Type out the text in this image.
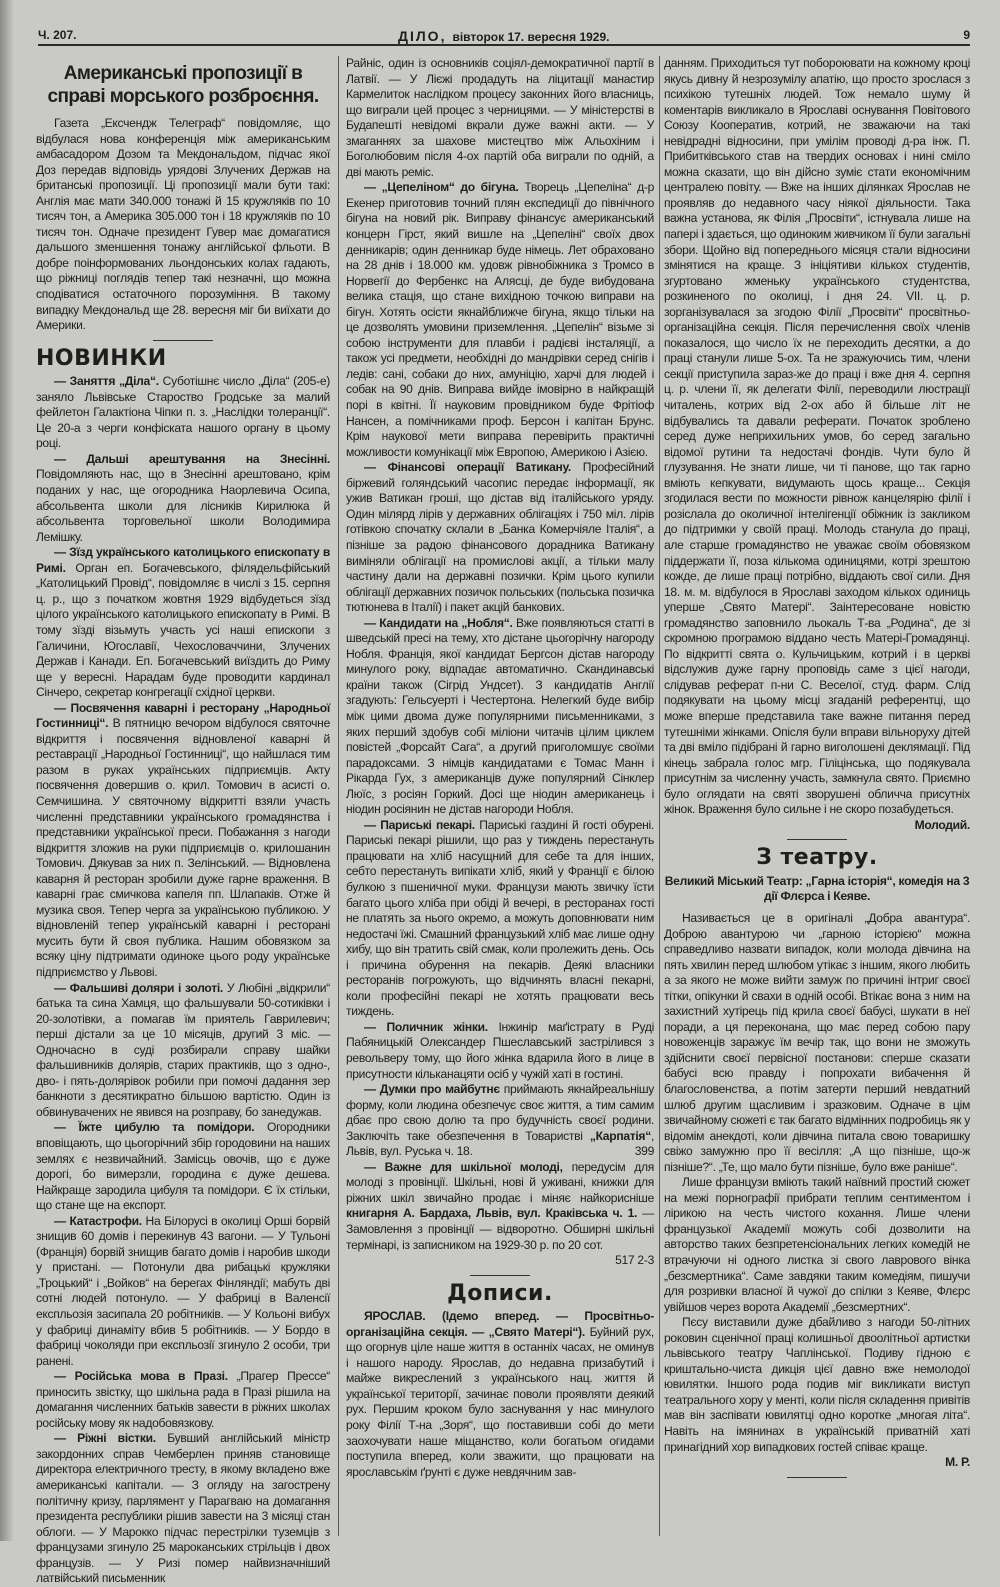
Ч. 207.	ДІЛО, вівторок 17. вересня 1929.	9
Американські пропозиції в справі морського розброєння.

Газета „Ексчендж Телеграф“ повідомляє, що відбулася нова конференція між американським амбасадором Дозом та Мекдональдом, підчас якої Доз передав відповідь урядові Злучених Держав на британські пропозиції. Ці пропозиції мали бути такі: Англія має мати 340.000 тонажі й 15 кружляків по 10 тисяч тон, а Америка 305.000 тон і 18 кружляків по 10 тисяч тон. Одначе президент Гувер має домагатися дальшого зменшення тонажу англійської фльоти. В добре поінформованих льондонських колах гадають, що ріжниці поглядів тепер такі незначні, що можна сподіватися остаточного порозуміння. В такому випадку Мекдональд ще 28. вересня міг би виїхати до Америки.

НОВИНКИ

— Заняття „Діла“. Суботішнє число „Діла“ (205-е) заняло Львівське Староство Гродське за малий фейлетон Галактіона Чіпки п. з. „Наслідки толеранції“. Це 20-а з черги конфіската нашого органу в цьому році.

— Дальші арештування на Знесінні. Повідомляють нас, що в Знесінні арештовано, крім поданих у нас, ще огородника Наорлевича Осипа, абсольвента школи для лісників Кирилюка й абсольвента торговельної школи Володимира Лемішку.

— Зїзд українського католицького епископату в Римі. Орган еп. Богачевського, філядельфійський „Католицький Провід“, повідомляє в числі з 15. серпня ц. р., що з початком жовтня 1929 відбудеться зїзд цілого українського католицького епископату в Римі. В тому зїзді візьмуть участь усі наші епископи з Галичини, Югославії, Чехословаччини, Злучених Держав і Канади. Еп. Богачевський виїздить до Риму ще у вересні. Нарадам буде проводити кардинал Сінчеро, секретар конгрегації східної церкви.

— Посвячення каварні і ресторану „Народньої Гостинниці“. В пятницю вечором відбулося святочне відкриття і посвячення відновленої каварні й реставрації „Народньої Гостинниці“, що найшлася тим разом в руках українських підприємців. Акту посвячення довершив о. крил. Томович в асисті о. Семчишина. У святочному відкритті взяли участь численні представники українського громадянства і представники української преси. Побажання з нагоди відкриття зложив на руки підприємців о. крилошанин Томович. Дякував за них п. Зелінський. — Відновлена каварня й ресторан зробили дуже гарне враження. В каварні грає смичкова капеля пп. Шлапаків. Отже й музика своя. Тепер черга за українською публикою. У відновленій тепер українській каварні і ресторані мусить бути й своя публика. Нашим обовязком за всяку ціну підтримати одиноке цього роду українське підприємство у Львові.

— Фальшиві доляри і золоті. У Любіні „відкрили“ батька та сина Хамця, що фальшували 50-сотиківки і 20-золотівки, а помагав їм приятель Гаврилевич; перші дістали за це 10 місяців, другий 3 міс. — Одночасно в суді розбирали справу шайки фальшивників долярів, старих практиків, що з одно-, дво- і пять-долярівок робили при помочі дадання зер банкноти з десятикратно більшою вартістю. Один із обвинувачених не явився на розправу, бо занедужав.

— Їжте цибулю та помідори. Огородники вповіщають, що цьогорічний збір городовини на наших землях є незвичайний. Замісць овочів, що є дуже дорогі, бо вимерзли, городина є дуже дешева. Найкраще зародила цибуля та помідори. Є їх стільки, що стане ще на експорт.

— Катастрофи. На Білорусі в околиці Орші борвій знищив 60 домів і перекинув 43 вагони. — У Тульоні (Франція) борвій знищив багато домів і наробив шкоди у пристані. — Потонули два рибацькі кружляки „Троцький“ і „Войков“ на берегах Фінляндії; мабуть дві сотні людей потонуло. — У фабриці в Валенсії експльозія засипала 20 робітників. — У Кольоні вибух у фабриці динаміту вбив 5 робітників. — У Бордо в фабриці чоколяди при експльозії згинуло 2 особи, три ранені.

— Російська мова в Празі. „Прагер Прессе“ приносить звістку, що шкільна рада в Празі рішила на домагання численних батьків завести в ріжних школах російську мову як надобовязкову.

— Ріжні вістки. Бувший англійський міністр закордонних справ Чемберлен приняв становище директора електричного тресту, в якому вкладено вже американські капітали. — З огляду на загострену політичну кризу, парлямент у Парагваю на домагання президента республики рішив завести на 3 місяці стан облоги. — У Марокко підчас перестрілки туземців з французами згинуло 25 мароканських стрільців і двох французів. — У Ризі помер найвизначніший латвійський письменник

Райніс, один із основників соціял-демократичної партії в Латвії. — У Лієжі продадуть на ліцитації манастир Кармелиток наслідком процесу законних його власниць, що виграли цей процес з черницями. — У міністерстві в Будапешті невідомі вкрали дуже важні акти. — У змаганнях за шахове мистецтво між Альохіним і Боголюбовим після 4-ох партій оба виграли по одній, а дві мають реміс.

— „Цепеліном“ до бігуна. Творець „Цепеліна“ д-р Екенер приготовив точний плян експедиції до північного бігуна на новий рік. Виправу фінансує американський концерн Гірст, який вишле на „Цепеліні“ своїх двох денникарів; один денникар буде німець. Лет обраховано на 28 днів і 18.000 км. удовж рівнобіжника з Тромсо в Норвегії до Фербенкс на Алясці, де буде вибудована велика стація, що стане вихідною точкою виправи на бігун. Хотять осісти якнайближче бігуна, якщо тільки на це дозволять умовини приземлення. „Цепелін“ візьме зі собою інструменти для плавби і радієві інсталяції, а також усі предмети, необхідні до мандрівки серед снігів і ледів: сані, собаки до них, амуніцію, харчі для людей і собак на 90 днів. Виправа вийде імовірно в найкращій порі в квітні. Її науковим провідником буде Фрітіоф Нансен, а помічниками проф. Берсон і капітан Брунс. Крім наукової мети виправа перевірить практичні можливости комунікації між Европою, Америкою і Азією.

— Фінансові операції Ватикану. Професійний біржевий голяндський часопис передає інформації, як ужив Ватикан гроші, що дістав від італійського уряду. Один мілярд лірів у державних облігаціях і 750 міл. лірів готівкою спочатку склали в „Банка Комерчіяле Італія“, а пізніше за радою фінансового дорадника Ватикану виміняли облігації на промислові акції, а тільки малу частину дали на державні позички. Крім цього купили облігації державних позичок польських (польська позичка тютюнева в Італії) і пакет акцій банкових.

— Кандидати на „Нобля“. Вже появляються статті в шведській пресі на тему, хто дістане цьогорічну нагороду Нобля. Франція, якої кандидат Бергсон дістав нагороду минулого року, відпадає автоматично. Скандинавські країни також (Сігрід Ундсет). З кандидатів Англії згадують: Гельсуерті і Честертона. Нелегкий буде вибір між цими двома дуже популярними письменниками, з яких перший здобув собі міліони читачів цілим циклем повістей „Форсайт Сага“, а другий приголомшує своїми парадоксами. З німців кандидатами є Томас Манн і Рікарда Гух, з американців дуже популярний Сінклер Люїс, з росіян Горкий. Досі ще ніодин американець і ніодин росіянин не дістав нагороди Нобля.

— Париські пекарі. Париські газдині й гості обурені. Париські пекарі рішили, що раз у тиждень перестануть працювати на хліб насущний для себе та для інших, себто перестануть випікати хліб, який у Франції є білою булкою з пшеничної муки. Французи мають звичку їсти багато цього хліба при обіді й вечері, в ресторанах гості не платять за нього окремо, а можуть доповнювати ним недостачі їжі. Смашний французький хліб має лише одну хибу, що він тратить свій смак, коли пролежить день. Ось і причина обурення на пекарів. Деякі власники ресторанів погрожують, що відчинять власні пекарні, коли професійні пекарі не хотять працювати весь тиждень.

— Поличник жінки. Інжинір маґістрату в Руді Пабяницькій Олександер Пшеславський застрілився з револьверу тому, що його жінка вдарила його в лице в присутности кільканацяти осіб у чужій хаті в гостині.

— Думки про майбутнє приймають якнайреальнішу форму, коли людина обезпечує своє життя, а тим самим дбає про свою долю та про будучність своєї родини. Заключіть таке обезпечення в Товаристві „Карпатія“, Львів, вул. Руська ч. 18.	399

— Важне для шкільної молоді, передусім для молоді з провінції. Шкільні, нові й уживані, книжки для ріжних шкіл звичайно продає і міняє найкорисніше книгарня А. Бардаха, Львів, вул. Краківська ч. 1. — Замовлення з провінції — відворотно. Обширні шкільні термінарі, із записником на 1929-30 р. по 20 сот.
517 2-3

Дописи.

ЯРОСЛАВ. (Ідемо вперед. — Просвітньо-організаційна секція. — „Свято Матері“). Буйний рух, що огорнув ціле наше життя в останніх часах, не оминув і нашого народу. Ярослав, до недавна призабутий і майже викреслений з українського нац. життя й української території, зачинає поволи проявляти деякий рух. Першим кроком було заснування у нас минулого року Філії Т-на „Зоря“, що поставивши собі до мети заохочувати наше міщанство, коли богатьом огидами поступила вперед, коли зважити, що працювати на ярославськім ґрунті є дуже невдячним зав-

данням. Приходиться тут побороювати на кожному кроці якусь дивну й незрозумілу апатію, що просто зрослася з психікою тутешніх людей. Тож немало шуму й коментарів викликало в Ярославі оснування Повітового Союзу Кооператив, котрий, не зважаючи на такі невідрадні відносини, при умілім проводі д-ра інж. П. Прибитківського став на твердих основах і нині сміло можна сказати, що він дійсно зуміє стати економічним централею повіту. — Вже на інших ділянках Ярослав не проявляв до недавного часу ніякої діяльности. Така важна установа, як Філія „Просвіти“, істнувала лише на папері і здається, що одиноким живчиком її були загальні збори. Щойно від попереднього місяця стали відносини змінятися на краще. З ініціятиви кількох студентів, згуртовано жменьку українського студентства, розкиненого по околиці, і дня 24. VII. ц. р. зорганізувалася за згодою Філії „Просвіти“ просвітньо-організаційна секція. Після перечислення своїх членів показалося, що число їх не переходить десятки, а до праці станули лише 5-ох. Та не зражуючись тим, члени секції приступила зараз-же до праці і вже дня 4. серпня ц. р. члени її, як делегати Філії, переводили люстрації читалень, котрих від 2-ох або й більше літ не відбувались та давали реферати. Початок зроблено серед дуже неприхильних умов, бо серед загально відомої рутини та недостачі фондів. Чути було й глузування. Не знати лише, чи ті панове, що так гарно вміють кепкувати, видумають щось краще... Секція згодилася вести по можности рівнож канцелярію філії і розіслала до околичної інтелігенції обіжник із закликом до підтримки у своїй праці. Молодь станула до праці, але старше громадянство не уважає своїм обовязком піддержати її, поза кількома одиницями, котрі зрештою кожде, де лише праці потрібно, віддають свої сили. Дня 18. м. м. відбулося в Ярославі заходом кількох одиниць уперше „Свято Матері“. Заінтересоване новістю громадянство заповнило льокаль Т-ва „Родина“, де зі скромною програмою віддано честь Матері-Громадянці. По відкритті свята о. Кульчицьким, котрий і в церкві відслужив дуже гарну проповідь саме з цієї нагоди, слідував реферат п-ни С. Веселої, студ. фарм. Слід подякувати на цьому місці згаданій референтці, що може вперше представила таке важне питання перед тутешніми жінками. Опісля були вправи вільноруху дітей та дві вміло підібрані й гарно виголошені деклямації. Під кінець забрала голос мгр. Гіліцінська, що подякувала присутнім за численну участь, замкнула свято. Приємно було оглядати на святі зворушені обличча присутніх жінок. Враження було сильне і не скоро позабудеться.

Молодий.

З театру.

Великий Міський Театр: „Гарна історія“, комедія на 3 дії Флєрса і Кеяве.

Називається це в оригіналі „Добра авантура“. Доброю авантурою чи „гарною історією“ можна справедливо назвати випадок, коли молода дівчина на пять хвилин перед шлюбом утікає з іншим, якого любить а за якого не може вийти замуж по причині інтриг своєї тітки, опікунки й свахи в одній особі. Втікає вона з ним на захистний хутірець під крила своєї бабусі, шукати в неї поради, а ця переконана, що має перед собою пару новоженців заражує їм вечір так, що вони не зможуть здійснити своєї первісної постанови: сперше сказати бабусі всю правду і попрохати вибачення й благословенства, а потім затерти перший невдатний шлюб другим щасливим і зразковим. Одначе в цім звичайному сюжеті є так багато відмінних подробиць як у відомім анекдоті, коли дівчина питала свою товаришку свіжо замужню про її весілля: „А що пізніше, що-ж пізніше?“. „Те, що мало бути пізніше, було вже раніше“.

Лише французи вміють такий наївний простий сюжет на межі порнографії прибрати теплим сентиментом і лірикою на честь чистого кохання. Лише члени французької Академії можуть собі дозволити на авторство таких безпретенсіональних легких комедій не втрачуючи ні одного листка зі свого лаврового вінка „безсмертника“. Саме завдяки таким комедіям, пишучи для розривки власної й чужої до спілки з Кеяве, Флєрс увійшов через ворота Академії „безсмертних“.

Пєсу виставили дуже дбайливо з нагоди 50-літних роковин сценічної праці колишньої двоолітньої артистки львівського театру Чаплінської. Подиву гідною є криштально-чиста дикція цієї давно вже немолодої ювилятки. Іншого рода подив міг викликати виступ театрального хору у менті, коли після складення привітів мав він заспівати ювилятці одно коротке „многая літа“. Навіть на імянинах в українській приватній хаті принагідний хор випадкових гостей співає краще.

М. Р.
